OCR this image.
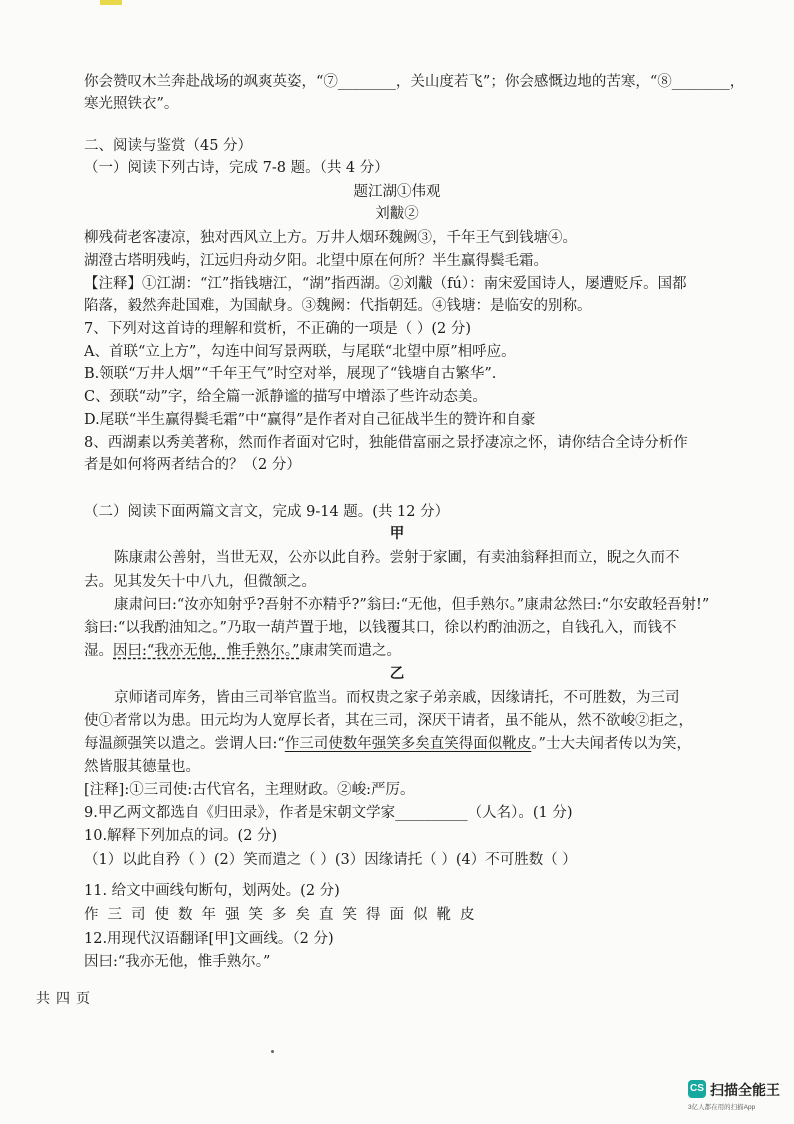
你会赞叹木兰奔赴战场的飒爽英姿，“⑦________，关山度若飞”；你会感慨边地的苦寒，“⑧________，
寒光照铁衣”。
二、阅读与鉴赏（45 分）
（一）阅读下列古诗，完成 7-8 题。（共 4 分）
题江湖①伟观
刘黻②
柳残荷老客凄凉，独对西风立上方。万井人烟环魏阙③，千年王气到钱塘④。
湖澄古塔明残屿，江远归舟动夕阳。北望中原在何所？半生赢得鬓毛霜。
【注释】①江湖：“江”指钱塘江，“湖”指西湖。②刘黻（fú）：南宋爱国诗人，屡遭贬斥。国都
陷落，毅然奔赴国难，为国献身。③魏阙：代指朝廷。④钱塘：是临安的别称。
7、下列对这首诗的理解和赏析，不正确的一项是（ ）(2 分)
A、首联“立上方”，勾连中间写景两联，与尾联“北望中原”相呼应。
B.领联“万井人烟”“千年王气”时空对举，展现了“钱塘自古繁华”.
C、颈联“动”字，给全篇一派静谧的描写中增添了些许动态美。
D.尾联“半生赢得鬓毛霜”中“赢得”是作者对自己征战半生的赞许和自豪
8、西湖素以秀美著称，然而作者面对它时，独能借富丽之景抒凄凉之怀，请你结合全诗分析作
者是如何将两者结合的？（2 分）
（二）阅读下面两篇文言文，完成 9-14 题。(共 12 分）
甲
陈康肃公善射，当世无双，公亦以此自矜。尝射于家圃，有卖油翁释担而立，睨之久而不
去。见其发矢十中八九，但微颔之。
康肃问曰:“汝亦知射乎?吾射不亦精乎?”翁曰:“无他，但手熟尔。”康肃忿然曰:“尔安敢轻吾射!”
翁曰:“以我酌油知之。”乃取一葫芦置于地，以钱覆其口，徐以杓酌油沥之，自钱孔入，而钱不
湿。因曰:“我亦无他，惟手熟尔。”康肃笑而遣之。
乙
京师诸司库务，皆由三司举官监当。而权贵之家子弟亲戚，因缘请托，不可胜数，为三司
使①者常以为患。田元均为人宽厚长者，其在三司，深厌干请者，虽不能从，然不欲峻②拒之，
每温颜强笑以遣之。尝谓人曰:“作三司使数年强笑多矣直笑得面似靴皮。”士大夫闻者传以为笑，
然皆服其德量也。
[注释]:①三司使:古代官名，主理财政。②峻:严厉。
9.甲乙两文都选自《归田录》，作者是宋朝文学家__________（人名）。(1 分)
10.解释下列加点的词。(2 分)
（1）以此自矜（ ）(2）笑而遣之（ ）(3）因缘请托（ ）(4）不可胜数（ ）
11. 给文中画线句断句，划两处。(2 分)
作三司使数年强笑多矣直笑得面似靴皮
12.用现代汉语翻译[甲]文画线。（2 分)
因曰:“我亦无他，惟手熟尔。”
共四页
CS 扫描全能王
3亿人都在用的扫描App
